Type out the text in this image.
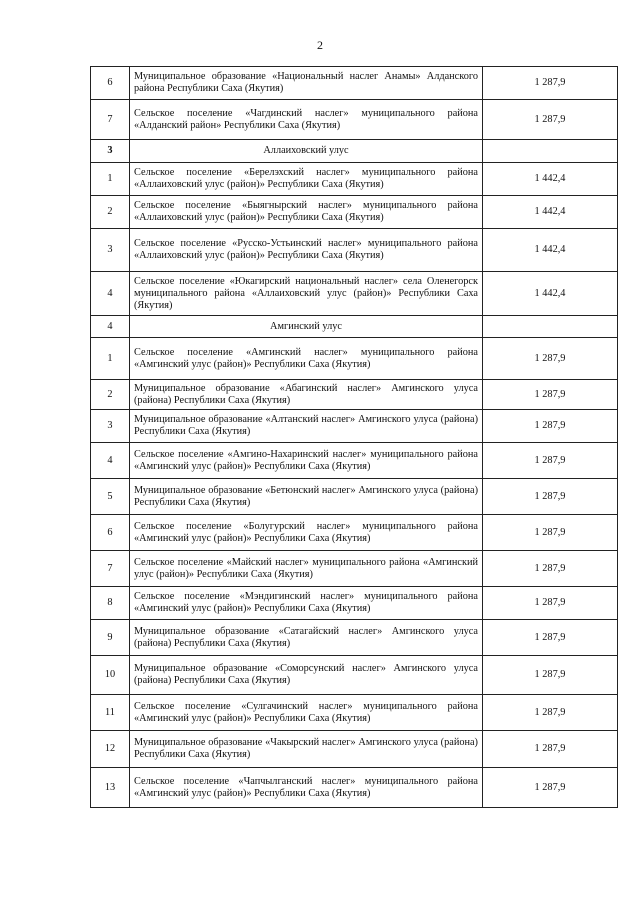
2
6	Муниципальное образование «Национальный наслег Анамы» Алданского района Республики Саха (Якутия)	1 287,9
7	Сельское поселение «Чагдинский наслег» муниципального района «Алданский район» Республики Саха (Якутия)	1 287,9
3	Аллаиховский улус	
1	Сельское поселение «Берелэхский наслег» муниципального района «Аллаиховский улус (район)» Республики Саха (Якутия)	1 442,4
2	Сельское поселение «Быягнырский наслег» муниципального района «Аллаиховский улус (район)» Республики Саха (Якутия)	1 442,4
3	Сельское поселение «Русско-Устьинский наслег» муниципального района «Аллаиховский улус (район)» Республики Саха (Якутия)	1 442,4
4	Сельское поселение «Юкагирский национальный наслег» села Оленегорск муниципального района «Аллаиховский улус (район)» Республики Саха (Якутия)	1 442,4
4	Амгинский улус	
1	Сельское поселение «Амгинский наслег» муниципального района «Амгинский улус (район)» Республики Саха (Якутия)	1 287,9
2	Муниципальное образование «Абагинский наслег» Амгинского улуса (района) Республики Саха (Якутия)	1 287,9
3	Муниципальное образование «Алтанский наслег» Амгинского улуса (района) Республики Саха (Якутия)	1 287,9
4	Сельское поселение «Амгино-Нахаринский наслег» муниципального района «Амгинский улус (район)» Республики Саха (Якутия)	1 287,9
5	Муниципальное образование «Бетюнский наслег» Амгинского улуса (района) Республики Саха (Якутия)	1 287,9
6	Сельское поселение «Болугурский наслег» муниципального района «Амгинский улус (район)» Республики Саха (Якутия)	1 287,9
7	Сельское поселение «Майский наслег» муниципального района «Амгинский улус (район)» Республики Саха (Якутия)	1 287,9
8	Сельское поселение «Мэндигинский наслег» муниципального района «Амгинский улус (район)» Республики Саха (Якутия)	1 287,9
9	Муниципальное образование «Сатагайский наслег» Амгинского улуса (района) Республики Саха (Якутия)	1 287,9
10	Муниципальное образование «Соморсунский наслег» Амгинского улуса (района) Республики Саха (Якутия)	1 287,9
11	Сельское поселение «Сулгачинский наслег» муниципального района «Амгинский улус (район)» Республики Саха (Якутия)	1 287,9
12	Муниципальное образование «Чакырский наслег» Амгинского улуса (района) Республики Саха (Якутия)	1 287,9
13	Сельское поселение «Чапчылганский наслег» муниципального района «Амгинский улус (район)» Республики Саха (Якутия)	1 287,9
